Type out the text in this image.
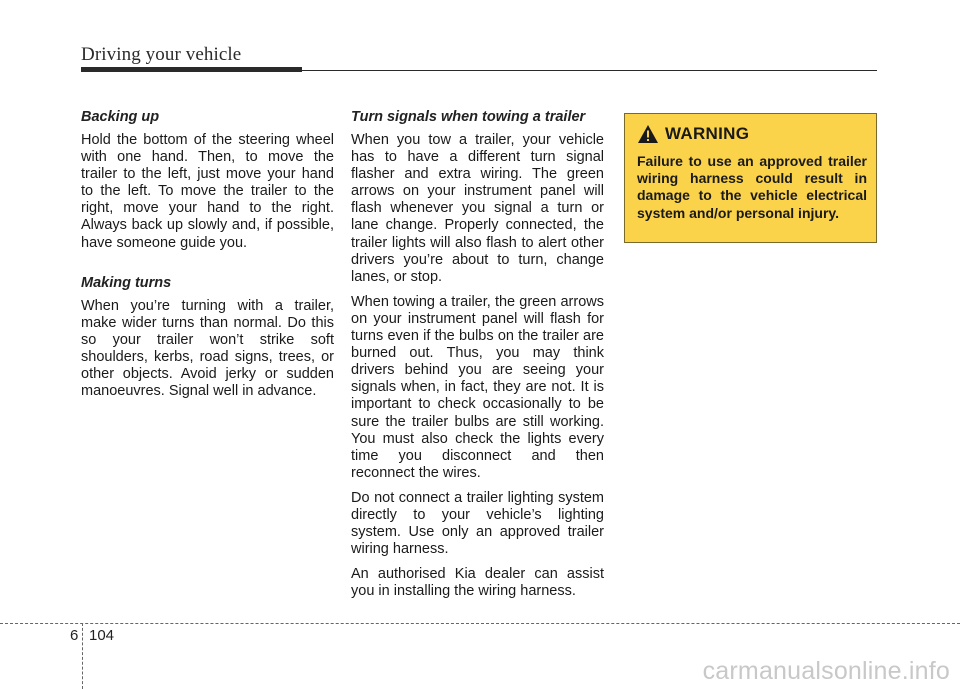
Driving your vehicle
Backing up

Hold the bottom of the steering wheel with one hand. Then, to move the trailer to the left, just move your hand to the left. To move the trailer to the right, move your hand to the right. Always back up slowly and, if possible, have someone guide you.

Making turns

When you’re turning with a trailer, make wider turns than normal. Do this so your trailer won’t strike soft shoulders, kerbs, road signs, trees, or other objects. Avoid jerky or sudden manoeuvres. Signal well in advance.

Turn signals when towing a trailer

When you tow a trailer, your vehicle has to have a different turn signal flasher and extra wiring. The green arrows on your instrument panel will flash whenever you signal a turn or lane change. Properly connected, the trailer lights will also flash to alert other drivers you’re about to turn, change lanes, or stop.

When towing a trailer, the green arrows on your instrument panel will flash for turns even if the bulbs on the trailer are burned out. Thus, you may think drivers behind you are seeing your signals when, in fact, they are not. It is important to check occasionally to be sure the trailer bulbs are still working. You must also check the lights every time you disconnect and then reconnect the wires.

Do not connect a trailer lighting system directly to your vehicle’s lighting system. Use only an approved trailer wiring harness.

An authorised Kia dealer can assist you in installing the wiring harness.

WARNING
Failure to use an approved trailer wiring harness could result in damage to the vehicle electrical system and/or personal injury.
6 104
carmanualsonline.info
